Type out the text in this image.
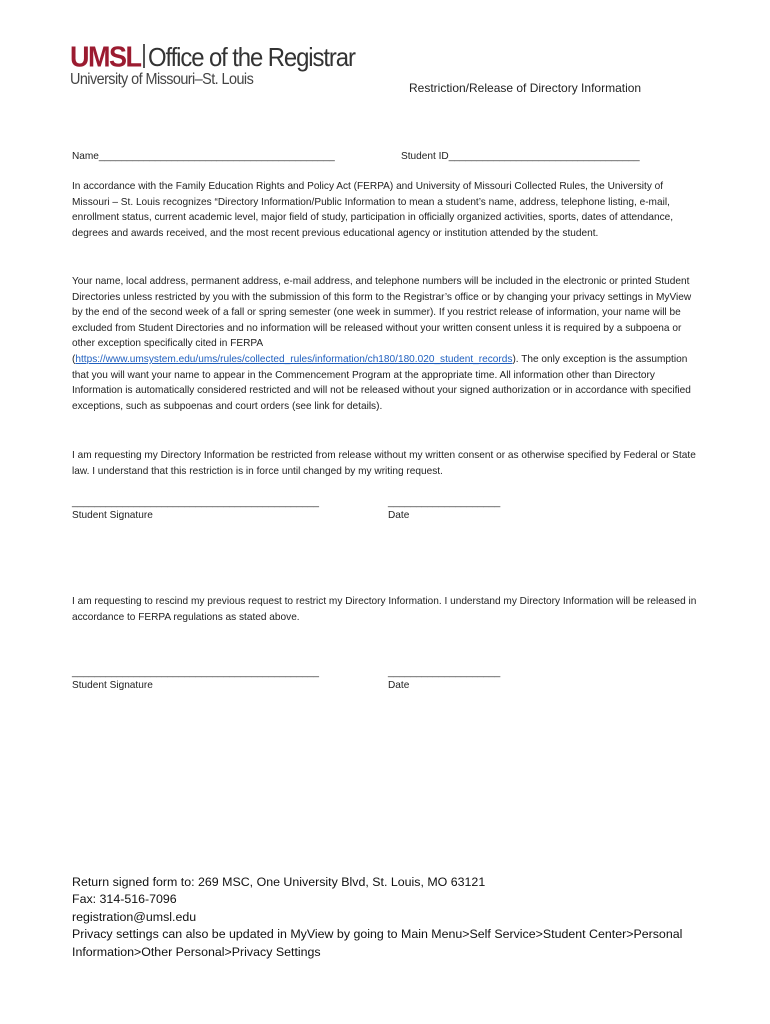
UMSL Office of the Registrar
University of Missouri–St. Louis	Restriction/Release of Directory Information
Name__________________________________________	Student ID__________________________________

In accordance with the Family Education Rights and Policy Act (FERPA) and University of Missouri Collected Rules, the University of Missouri – St. Louis recognizes “Directory Information/Public Information to mean a student’s name, address, telephone listing, e-mail, enrollment status, current academic level, major field of study, participation in officially organized activities, sports, dates of attendance, degrees and awards received, and the most recent previous educational agency or institution attended by the student.

Your name, local address, permanent address, e-mail address, and telephone numbers will be included in the electronic or printed Student Directories unless restricted by you with the submission of this form to the Registrar’s office or by changing your privacy settings in MyView by the end of the second week of a fall or spring semester (one week in summer). If you restrict release of information, your name will be excluded from Student Directories and no information will be released without your written consent unless it is required by a subpoena or other exception specifically cited in FERPA (https://www.umsystem.edu/ums/rules/collected_rules/information/ch180/180.020_student_records). The only exception is the assumption that you will want your name to appear in the Commencement Program at the appropriate time. All information other than Directory Information is automatically considered restricted and will not be released without your signed authorization or in accordance with specified exceptions, such as subpoenas and court orders (see link for details).

I am requesting my Directory Information be restricted from release without my written consent or as otherwise specified by Federal or State law. I understand that this restriction is in force until changed by my writing request.

____________________________________________
Student Signature
____________________
Date

I am requesting to rescind my previous request to restrict my Directory Information. I understand my Directory Information will be released in accordance to FERPA regulations as stated above.

____________________________________________
Student Signature
____________________
Date
Return signed form to: 269 MSC, One University Blvd, St. Louis, MO 63121
Fax: 314-516-7096
registration@umsl.edu
Privacy settings can also be updated in MyView by going to Main Menu>Self Service>Student Center>Personal
Information>Other Personal>Privacy Settings
